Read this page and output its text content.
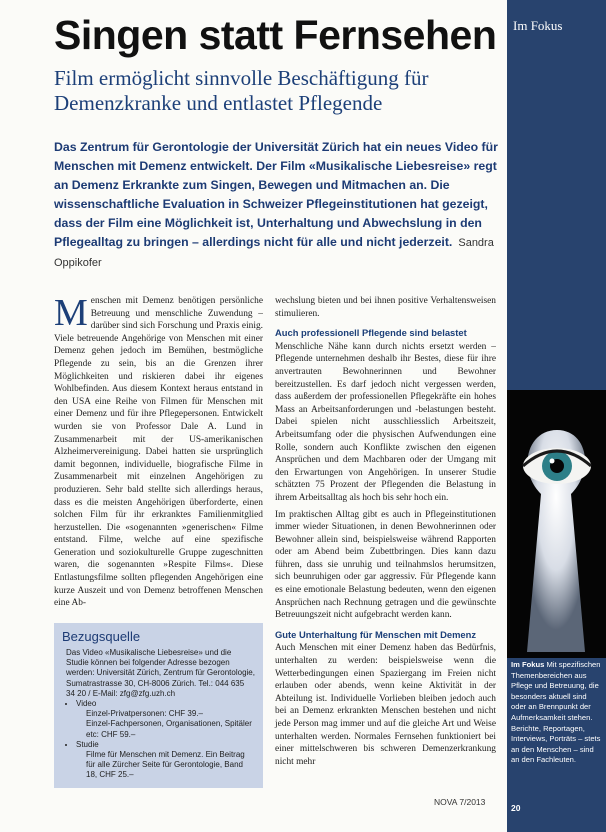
Singen statt Fernsehen
Film ermöglicht sinnvolle Beschäftigung für Demenzkranke und entlastet Pflegende
Das Zentrum für Gerontologie der Universität Zürich hat ein neues Video für Menschen mit Demenz entwickelt. Der Film «Musikalische Liebesreise» regt an Demenz Erkrankte zum Singen, Bewegen und Mitmachen an. Die wissenschaftliche Evaluation in Schweizer Pflegeinstitutionen hat gezeigt, dass der Film eine Möglichkeit ist, Unterhaltung und Abwechslung in den Pflegealltag zu bringen – allerdings nicht für alle und nicht jederzeit. Sandra Oppikofer

Menschen mit Demenz benötigen persönliche Betreuung und menschliche Zuwendung – darüber sind sich Forschung und Praxis einig. Viele betreuende Angehörige von Menschen mit einer Demenz gehen jedoch im Bemühen, bestmögliche Pflegende zu sein, bis an die Grenzen ihrer Möglichkeiten und riskieren dabei ihr eigenes Wohlbefinden. Aus diesem Kontext heraus entstand in den USA eine Reihe von Filmen für Menschen mit einer Demenz und für ihre Pflegepersonen. Entwickelt wurden sie von Professor Dale A. Lund in Zusammenarbeit mit der US-amerikanischen Alzheimervereinigung. Dabei hatten sie ursprünglich damit begonnen, individuelle, biografische Filme in Zusammenarbeit mit einzelnen Angehörigen zu produzieren. Sehr bald stellte sich allerdings heraus, dass es die meisten Angehörigen überforderte, einen solchen Film für ihr erkranktes Familienmitglied herzustellen. Die «sogenannten »generischen« Filme entstand. Filme, welche auf eine spezifische Generation und soziokulturelle Gruppe zugeschnitten waren, die sogenannten »Respite Films«. Diese Entlastungsfilme sollten pflegenden Angehörigen eine kurze Auszeit und von Demenz betroffenen Menschen eine Ab-

wechslung bieten und bei ihnen positive Verhaltensweisen stimulieren.

Auch professionell Pflegende sind belastet

Menschliche Nähe kann durch nichts ersetzt werden – Pflegende unternehmen deshalb ihr Bestes, diese für ihre anvertrauten Bewohnerinnen und Bewohner bereitzustellen. Es darf jedoch nicht vergessen werden, dass außerdem der professionellen Pflegekräfte ein hohes Mass an Arbeitsanforderungen und -belastungen besteht. Dabei spielen nicht ausschliesslich Arbeitszeit, Arbeitsumfang oder die physischen Aufwendungen eine Rolle, sondern auch Konflikte zwischen den eigenen Ansprüchen und dem Machbaren oder der Umgang mit den Erwartungen von Angehörigen. In unserer Studie schätzten 75 Prozent der Pflegenden die Belastung in ihrem Arbeitsalltag als hoch bis sehr hoch ein.

Im praktischen Alltag gibt es auch in Pflegeinstitutionen immer wieder Situationen, in denen Bewohnerinnen oder Bewohner allein sind, beispielsweise während Rapporten oder am Abend beim Zubettbringen. Dies kann dazu führen, dass sie unruhig und teilnahmslos herumsitzen, sich beunruhigen oder gar aggressiv. Für Pflegende kann es eine emotionale Belastung bedeuten, wenn den eigenen Ansprüchen nach Rechnung getragen und die gewünschte Betreuungszeit nicht aufgebracht werden kann.

Gute Unterhaltung für Menschen mit Demenz

Auch Menschen mit einer Demenz haben das Bedürfnis, unterhalten zu werden: beispielsweise wenn die Wetterbedingungen einen Spaziergang im Freien nicht erlauben oder abends, wenn keine Aktivität in der Abteilung ist. Individuelle Vorlieben bleiben jedoch auch bei an Demenz erkrankten Menschen bestehen und nicht jede Person mag immer und auf die gleiche Art und Weise unterhalten werden. Normales Fernsehen funktioniert bei einer mittelschweren bis schweren Demenzerkrankung nicht mehr

Bezugsquelle
Das Video «Musikalische Liebesreise» und die Studie können bei folgender Adresse bezogen werden: Universität Zürich, Zentrum für Gerontologie, Sumatrastrasse 30, CH-8006 Zürich. Tel.: 044 635 34 20 / E-Mail: zfg@zfg.uzh.ch
• Video
Einzel-Privatpersonen: CHF 39.–
Einzel-Fachpersonen, Organisationen, Spitäler etc: CHF 59.–
• Studie
Filme für Menschen mit Demenz. Ein Beitrag für alle Zürcher Seite für Gerontologie, Band 18, CHF 25.–
Im Fokus
Im Fokus Mit spezifischen Themenbereichen aus Pflege und Betreuung, die besonders aktuell sind oder an Brennpunkt der Aufmerksamkeit stehen. Berichte, Reportagen, Interviews, Porträts – stets an den Menschen – sind an den Fachleuten.
NOVA 7/2013
20
